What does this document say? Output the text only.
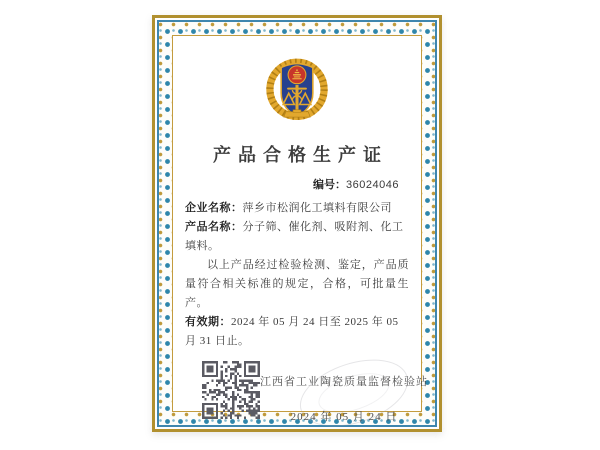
产品合格生产证
编号：36024046
企业名称：萍乡市松润化工填料有限公司
产品名称：分子筛、催化剂、吸附剂、化工填料。
以上产品经过检验检测、鉴定，产品质量符合相关标准的规定，合格，可批量生产。
有效期：2024 年 05 月 24 日至 2025 年 05 月 31 日止。
江西省工业陶瓷质量监督检验站
2024 年 05 月 24 日
